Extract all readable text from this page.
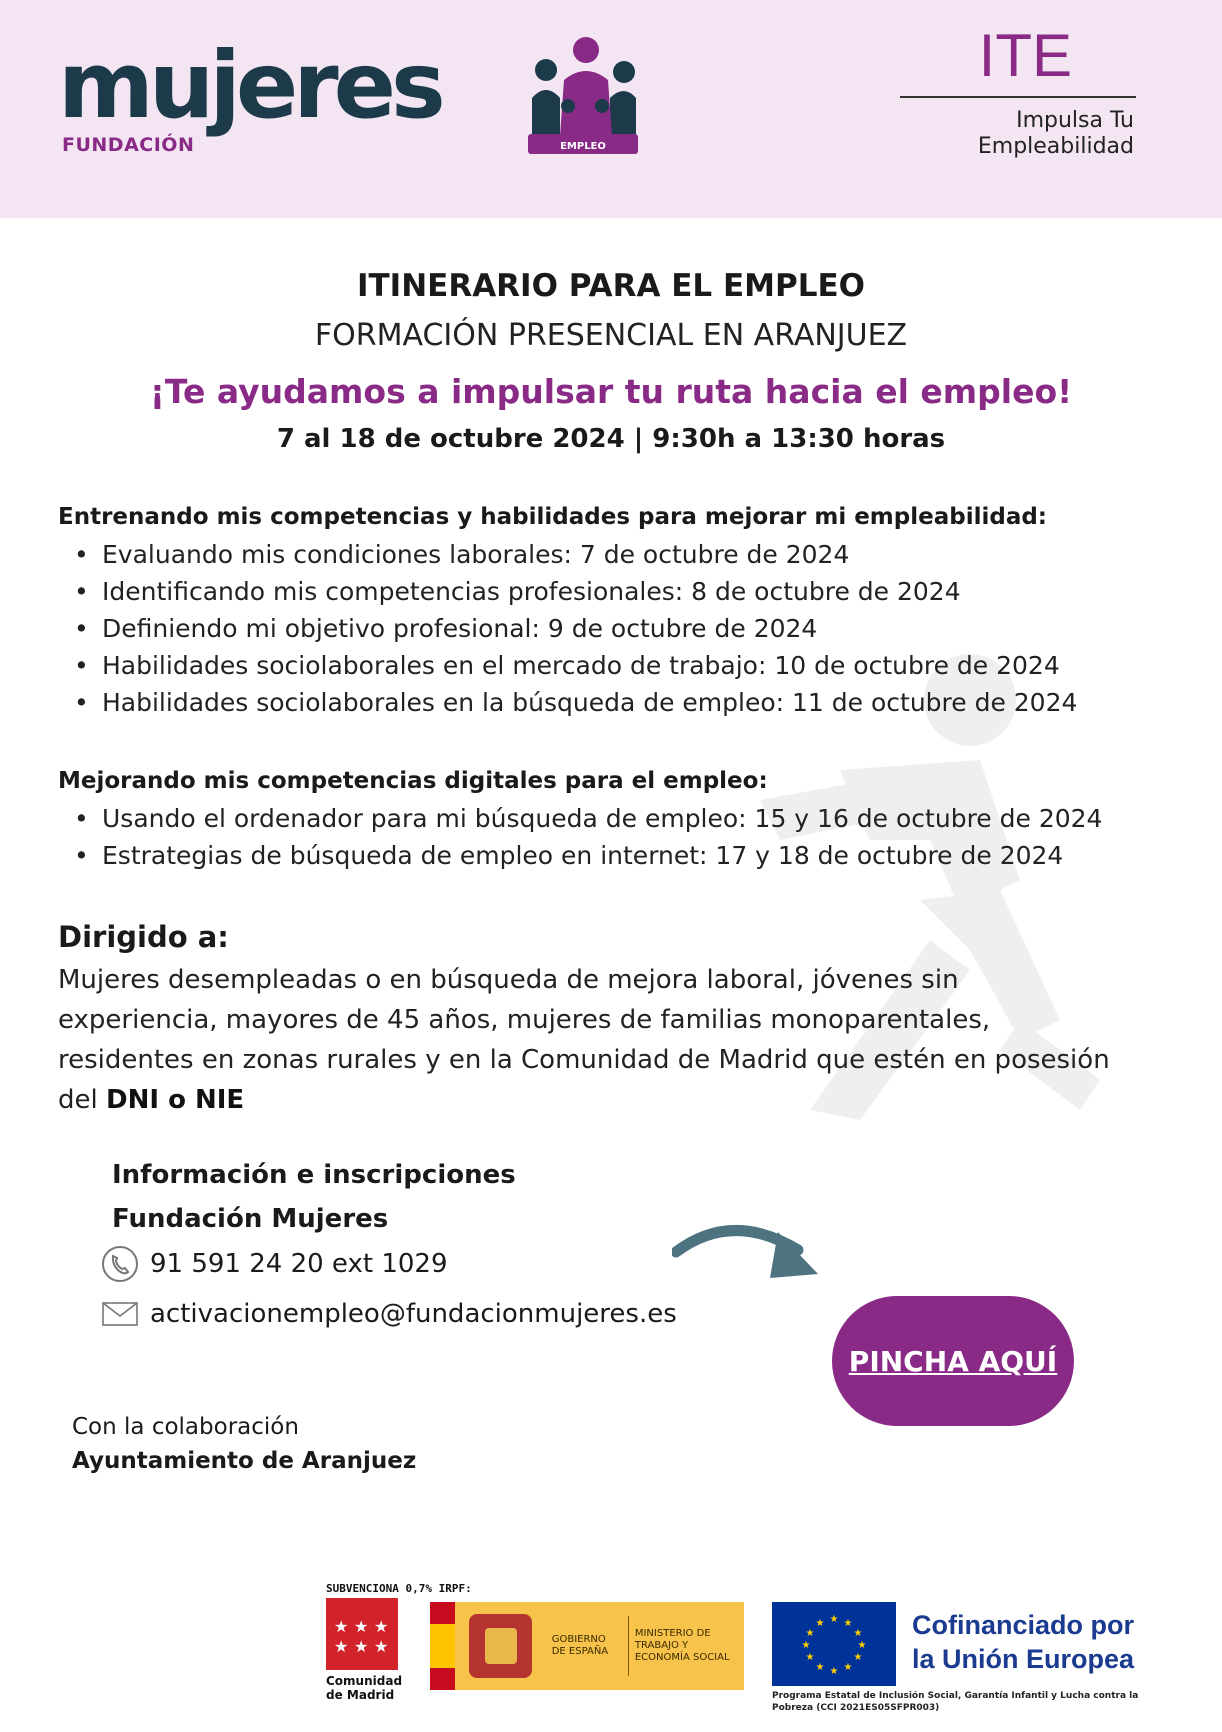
mujeres
FUNDACIÓN	EMPLEO
ITE
Impulsa Tu
Empleabilidad
ITINERARIO PARA EL EMPLEO
FORMACIÓN PRESENCIAL EN ARANJUEZ
¡Te ayudamos a impulsar tu ruta hacia el empleo!
7 al 18 de octubre 2024 | 9:30h a 13:30 horas
Entrenando mis competencias y habilidades para mejorar mi empleabilidad:
• Evaluando mis condiciones laborales: 7 de octubre de 2024
• Identificando mis competencias profesionales: 8 de octubre de 2024
• Definiendo mi objetivo profesional: 9 de octubre de 2024
• Habilidades sociolaborales en el mercado de trabajo: 10 de octubre de 2024
• Habilidades sociolaborales en la búsqueda de empleo: 11 de octubre de 2024
Mejorando mis competencias digitales para el empleo:
• Usando el ordenador para mi búsqueda de empleo: 15 y 16 de octubre de 2024
• Estrategias de búsqueda de empleo en internet: 17 y 18 de octubre de 2024
Dirigido a:

Mujeres desempleadas o en búsqueda de mejora laboral, jóvenes sin experiencia, mayores de 45 años, mujeres de familias monoparentales, residentes en zonas rurales y en la Comunidad de Madrid que estén en posesión del DNI o NIE

Información e inscripciones
Fundación Mujeres
91 591 24 20 ext 1029
activacionempleo@fundacionmujeres.es
PINCHA AQUÍ
Con la colaboración
Ayuntamiento de Aranjuez
SUBVENCIONA 0,7% IRPF:
★ ★ ★
★ ★ ★
Comunidad
de Madrid
GOBIERNO DE ESPAÑA
MINISTERIO DE TRABAJO Y ECONOMÍA SOCIAL
★ ★
★
★
★
★
★
★
★
★
★
★	Cofinanciado por
la Unión Europea
Programa Estatal de Inclusión Social, Garantía Infantil y Lucha contra la Pobreza (CCI 2021ES05SFPR003)
